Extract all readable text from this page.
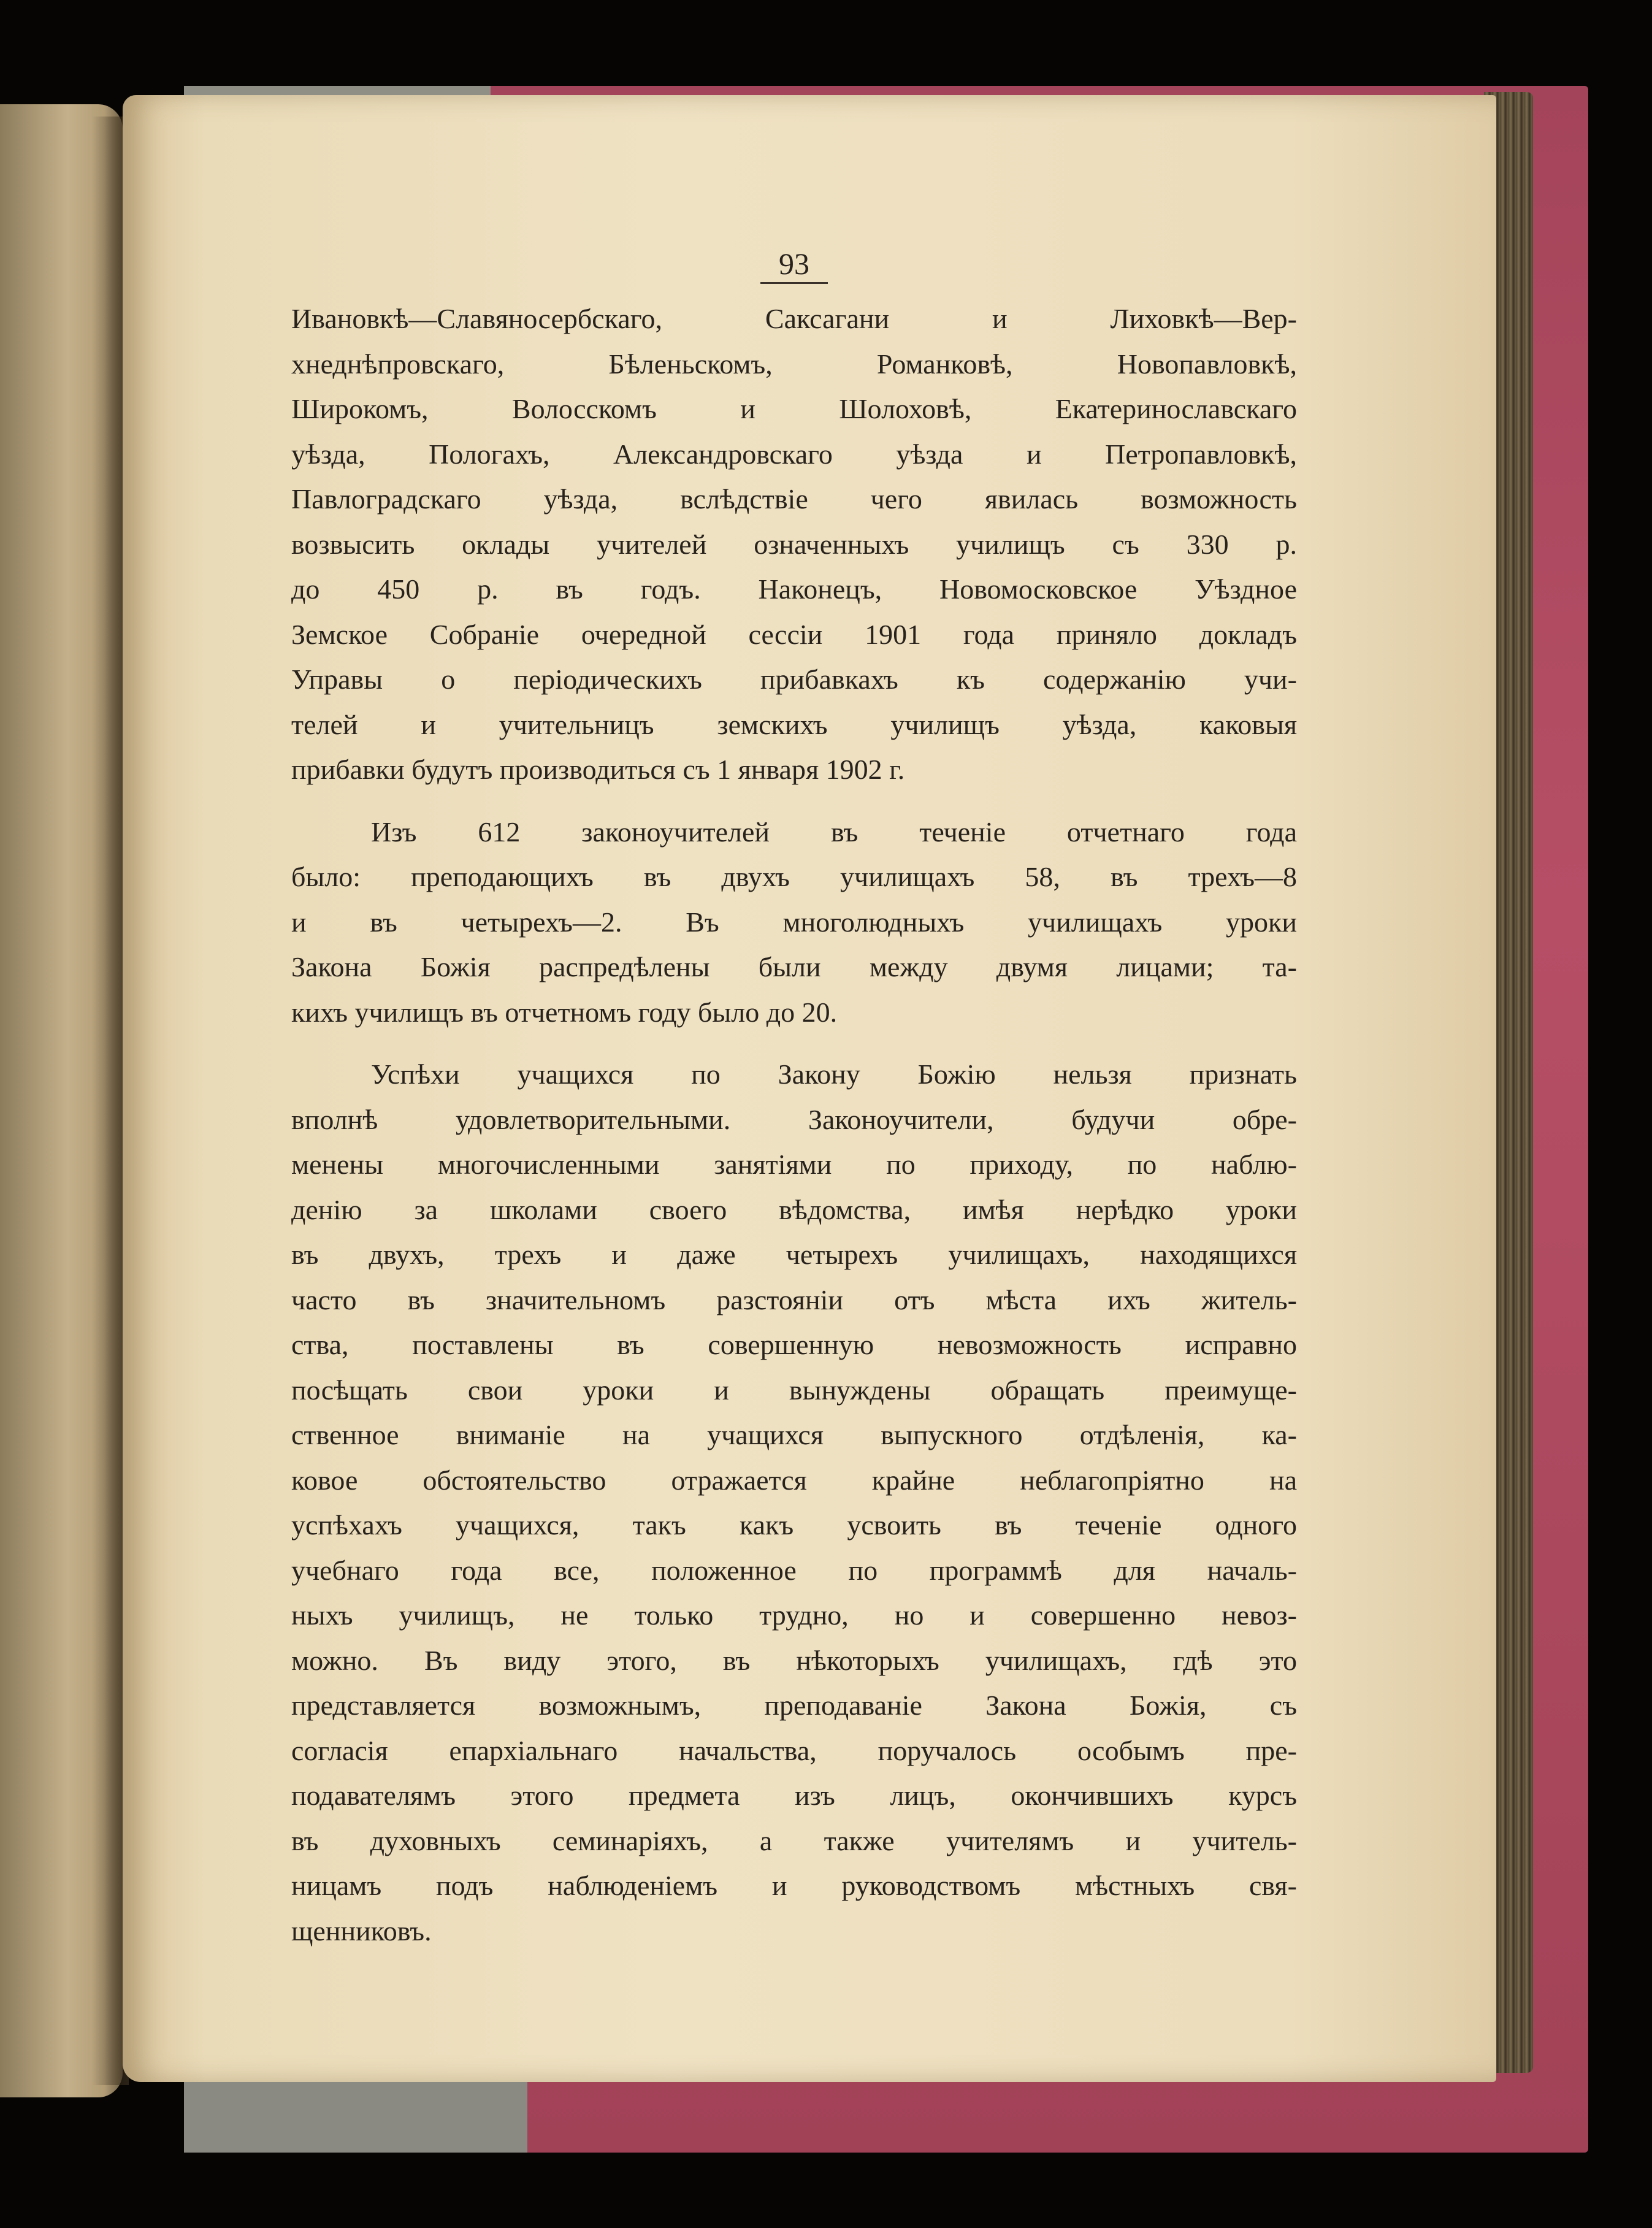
93

Ивановкѣ—Славяносербскаго, Саксагани и Лиховкѣ—Вер-

хнеднѣпровскаго, Бѣленьскомъ, Романковѣ, Новопавловкѣ,

Широкомъ, Волосскомъ и Шолоховѣ, Екатеринославскаго

уѣзда, Пологахъ, Александровскаго уѣзда и Петропавловкѣ,

Павлоградскаго уѣзда, вслѣдствіе чего явилась возможность

возвысить оклады учителей означенныхъ училищъ съ 330 р.

до 450 р. въ годъ. Наконецъ, Новомосковское Уѣздное

Земское Собраніе очередной сессіи 1901 года приняло докладъ

Управы о періодическихъ прибавкахъ къ содержанію учи-

телей и учительницъ земскихъ училищъ уѣзда, каковыя

прибавки будутъ производиться съ 1 января 1902 г.

Изъ 612 законоучителей въ теченіе отчетнаго года

было: преподающихъ въ двухъ училищахъ 58, въ трехъ—8

и въ четырехъ—2. Въ многолюдныхъ училищахъ уроки

Закона Божія распредѣлены были между двумя лицами; та-

кихъ училищъ въ отчетномъ году было до 20.

Успѣхи учащихся по Закону Божію нельзя признать

вполнѣ удовлетворительными. Законоучители, будучи обре-

менены многочисленными занятіями по приходу, по наблю-

денію за школами своего вѣдомства, имѣя нерѣдко уроки

въ двухъ, трехъ и даже четырехъ училищахъ, находящихся

часто въ значительномъ разстояніи отъ мѣста ихъ житель-

ства, поставлены въ совершенную невозможность исправно

посѣщать свои уроки и вынуждены обращать преимуще-

ственное вниманіе на учащихся выпускного отдѣленія, ка-

ковое обстоятельство отражается крайне неблагопріятно на

успѣхахъ учащихся, такъ какъ усвоить въ теченіе одного

учебнаго года все, положенное по программѣ для началь-

ныхъ училищъ, не только трудно, но и совершенно невоз-

можно. Въ виду этого, въ нѣкоторыхъ училищахъ, гдѣ это

представляется возможнымъ, преподаваніе Закона Божія, съ

согласія епархіальнаго начальства, поручалось особымъ пре-

подавателямъ этого предмета изъ лицъ, окончившихъ курсъ

въ духовныхъ семинаріяхъ, а также учителямъ и учитель-

ницамъ подъ наблюденіемъ и руководствомъ мѣстныхъ свя-

щенниковъ.
